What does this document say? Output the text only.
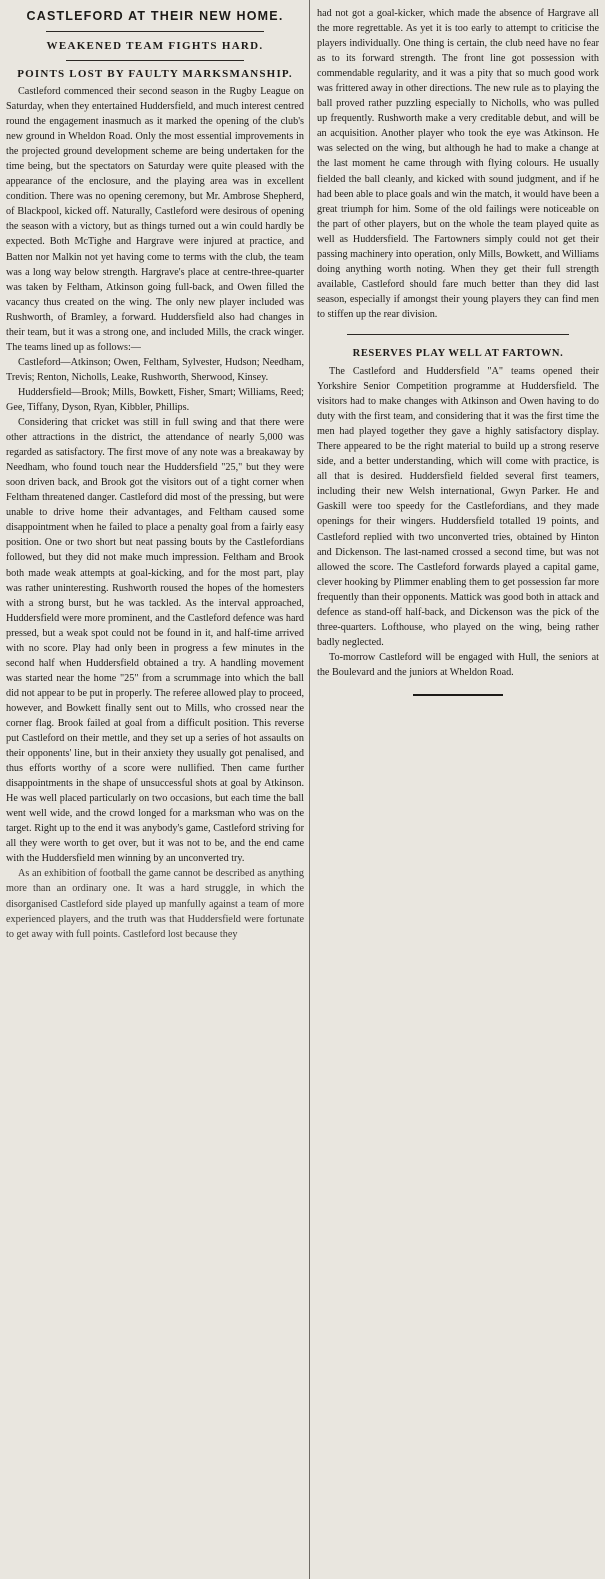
CASTLEFORD AT THEIR NEW HOME.
WEAKENED TEAM FIGHTS HARD.
POINTS LOST BY FAULTY MARKSMANSHIP.

Castleford commenced their second season in the Rugby League on Saturday, when they entertained Huddersfield, and much interest centred round the engagement inasmuch as it marked the opening of the club's new ground in Wheldon Road. Only the most essential improvements in the projected ground development scheme are being undertaken for the time being, but the spectators on Saturday were quite pleased with the appearance of the enclosure, and the playing area was in excellent condition. There was no opening ceremony, but Mr. Ambrose Shepherd, of Blackpool, kicked off. Naturally, Castleford were desirous of opening the season with a victory, but as things turned out a win could hardly be expected. Both McTighe and Hargrave were injured at practice, and Batten nor Malkin not yet having come to terms with the club, the team was a long way below strength. Hargrave's place at centre-three-quarter was taken by Feltham, Atkinson going full-back, and Owen filled the vacancy thus created on the wing. The only new player included was Rushworth, of Bramley, a forward. Huddersfield also had changes in their team, but it was a strong one, and included Mills, the crack winger. The teams lined up as follows:—

Castleford—Atkinson; Owen, Feltham, Sylvester, Hudson; Needham, Trevis; Renton, Nicholls, Leake, Rushworth, Sherwood, Kinsey.

Huddersfield—Brook; Mills, Bowkett, Fisher, Smart; Williams, Reed; Gee, Tiffany, Dyson, Ryan, Kibbler, Phillips.

Considering that cricket was still in full swing and that there were other attractions in the district, the attendance of nearly 5,000 was regarded as satisfactory. The first move of any note was a breakaway by Needham, who found touch near the Huddersfield "25," but they were soon driven back, and Brook got the visitors out of a tight corner when Feltham threatened danger. Castleford did most of the pressing, but were unable to drive home their advantages, and Feltham caused some disappointment when he failed to place a penalty goal from a fairly easy position. One or two short but neat passing bouts by the Castlefordians followed, but they did not make much impression. Feltham and Brook both made weak attempts at goal-kicking, and for the most part, play was rather uninteresting. Rushworth roused the hopes of the homesters with a strong burst, but he was tackled. As the interval approached, Huddersfield were more prominent, and the Castleford defence was hard pressed, but a weak spot could not be found in it, and half-time arrived with no score. Play had only been in progress a few minutes in the second half when Huddersfield obtained a try. A handling movement was started near the home "25" from a scrummage into which the ball did not appear to be put in properly. The referee allowed play to proceed, however, and Bowkett finally sent out to Mills, who crossed near the corner flag. Brook failed at goal from a difficult position. This reverse put Castleford on their mettle, and they set up a series of hot assaults on their opponents' line, but in their anxiety they usually got penalised, and thus efforts worthy of a score were nullified. Then came further disappointments in the shape of unsuccessful shots at goal by Atkinson. He was well placed particularly on two occasions, but each time the ball went well wide, and the crowd longed for a marksman who was on the target. Right up to the end it was anybody's game, Castleford striving for all they were worth to get over, but it was not to be, and the end came with the Huddersfield men winning by an unconverted try.

As an exhibition of football the game cannot be described as anything more than an ordinary one. It was a hard struggle, in which the disorganised Castleford side played up manfully against a team of more experienced players, and the truth was that Huddersfield were fortunate to get away with full points. Castleford lost because they

had not got a goal-kicker, which made the absence of Hargrave all the more regrettable. As yet it is too early to attempt to criticise the players individually. One thing is certain, the club need have no fear as to its forward strength. The front line got possession with commendable regularity, and it was a pity that so much good work was frittered away in other directions. The new rule as to playing the ball proved rather puzzling especially to Nicholls, who was pulled up frequently. Rushworth make a very creditable debut, and will be an acquisition. Another player who took the eye was Atkinson. He was selected on the wing, but although he had to make a change at the last moment he came through with flying colours. He usually fielded the ball cleanly, and kicked with sound judgment, and if he had been able to place goals and win the match, it would have been a great triumph for him. Some of the old failings were noticeable on the part of other players, but on the whole the team played quite as well as Huddersfield. The Fartowners simply could not get their passing machinery into operation, only Mills, Bowkett, and Williams doing anything worth noting. When they get their full strength available, Castleford should fare much better than they did last season, especially if amongst their young players they can find men to stiffen up the rear division.

RESERVES PLAY WELL AT FARTOWN.

The Castleford and Huddersfield "A" teams opened their Yorkshire Senior Competition programme at Huddersfield. The visitors had to make changes with Atkinson and Owen having to do duty with the first team, and considering that it was the first time the men had played together they gave a highly satisfactory display. There appeared to be the right material to build up a strong reserve side, and a better understanding, which will come with practice, is all that is desired. Huddersfield fielded several first teamers, including their new Welsh international, Gwyn Parker. He and Gaskill were too speedy for the Castlefordians, and they made openings for their wingers. Huddersfield totalled 19 points, and Castleford replied with two unconverted tries, obtained by Hinton and Dickenson. The last-named crossed a second time, but was not allowed the score. The Castleford forwards played a capital game, clever hooking by Plimmer enabling them to get possession far more frequently than their opponents. Mattick was good both in attack and defence as stand-off half-back, and Dickenson was the pick of the three-quarters. Lofthouse, who played on the wing, being rather badly neglected.

To-morrow Castleford will be engaged with Hull, the seniors at the Boulevard and the juniors at Wheldon Road.
